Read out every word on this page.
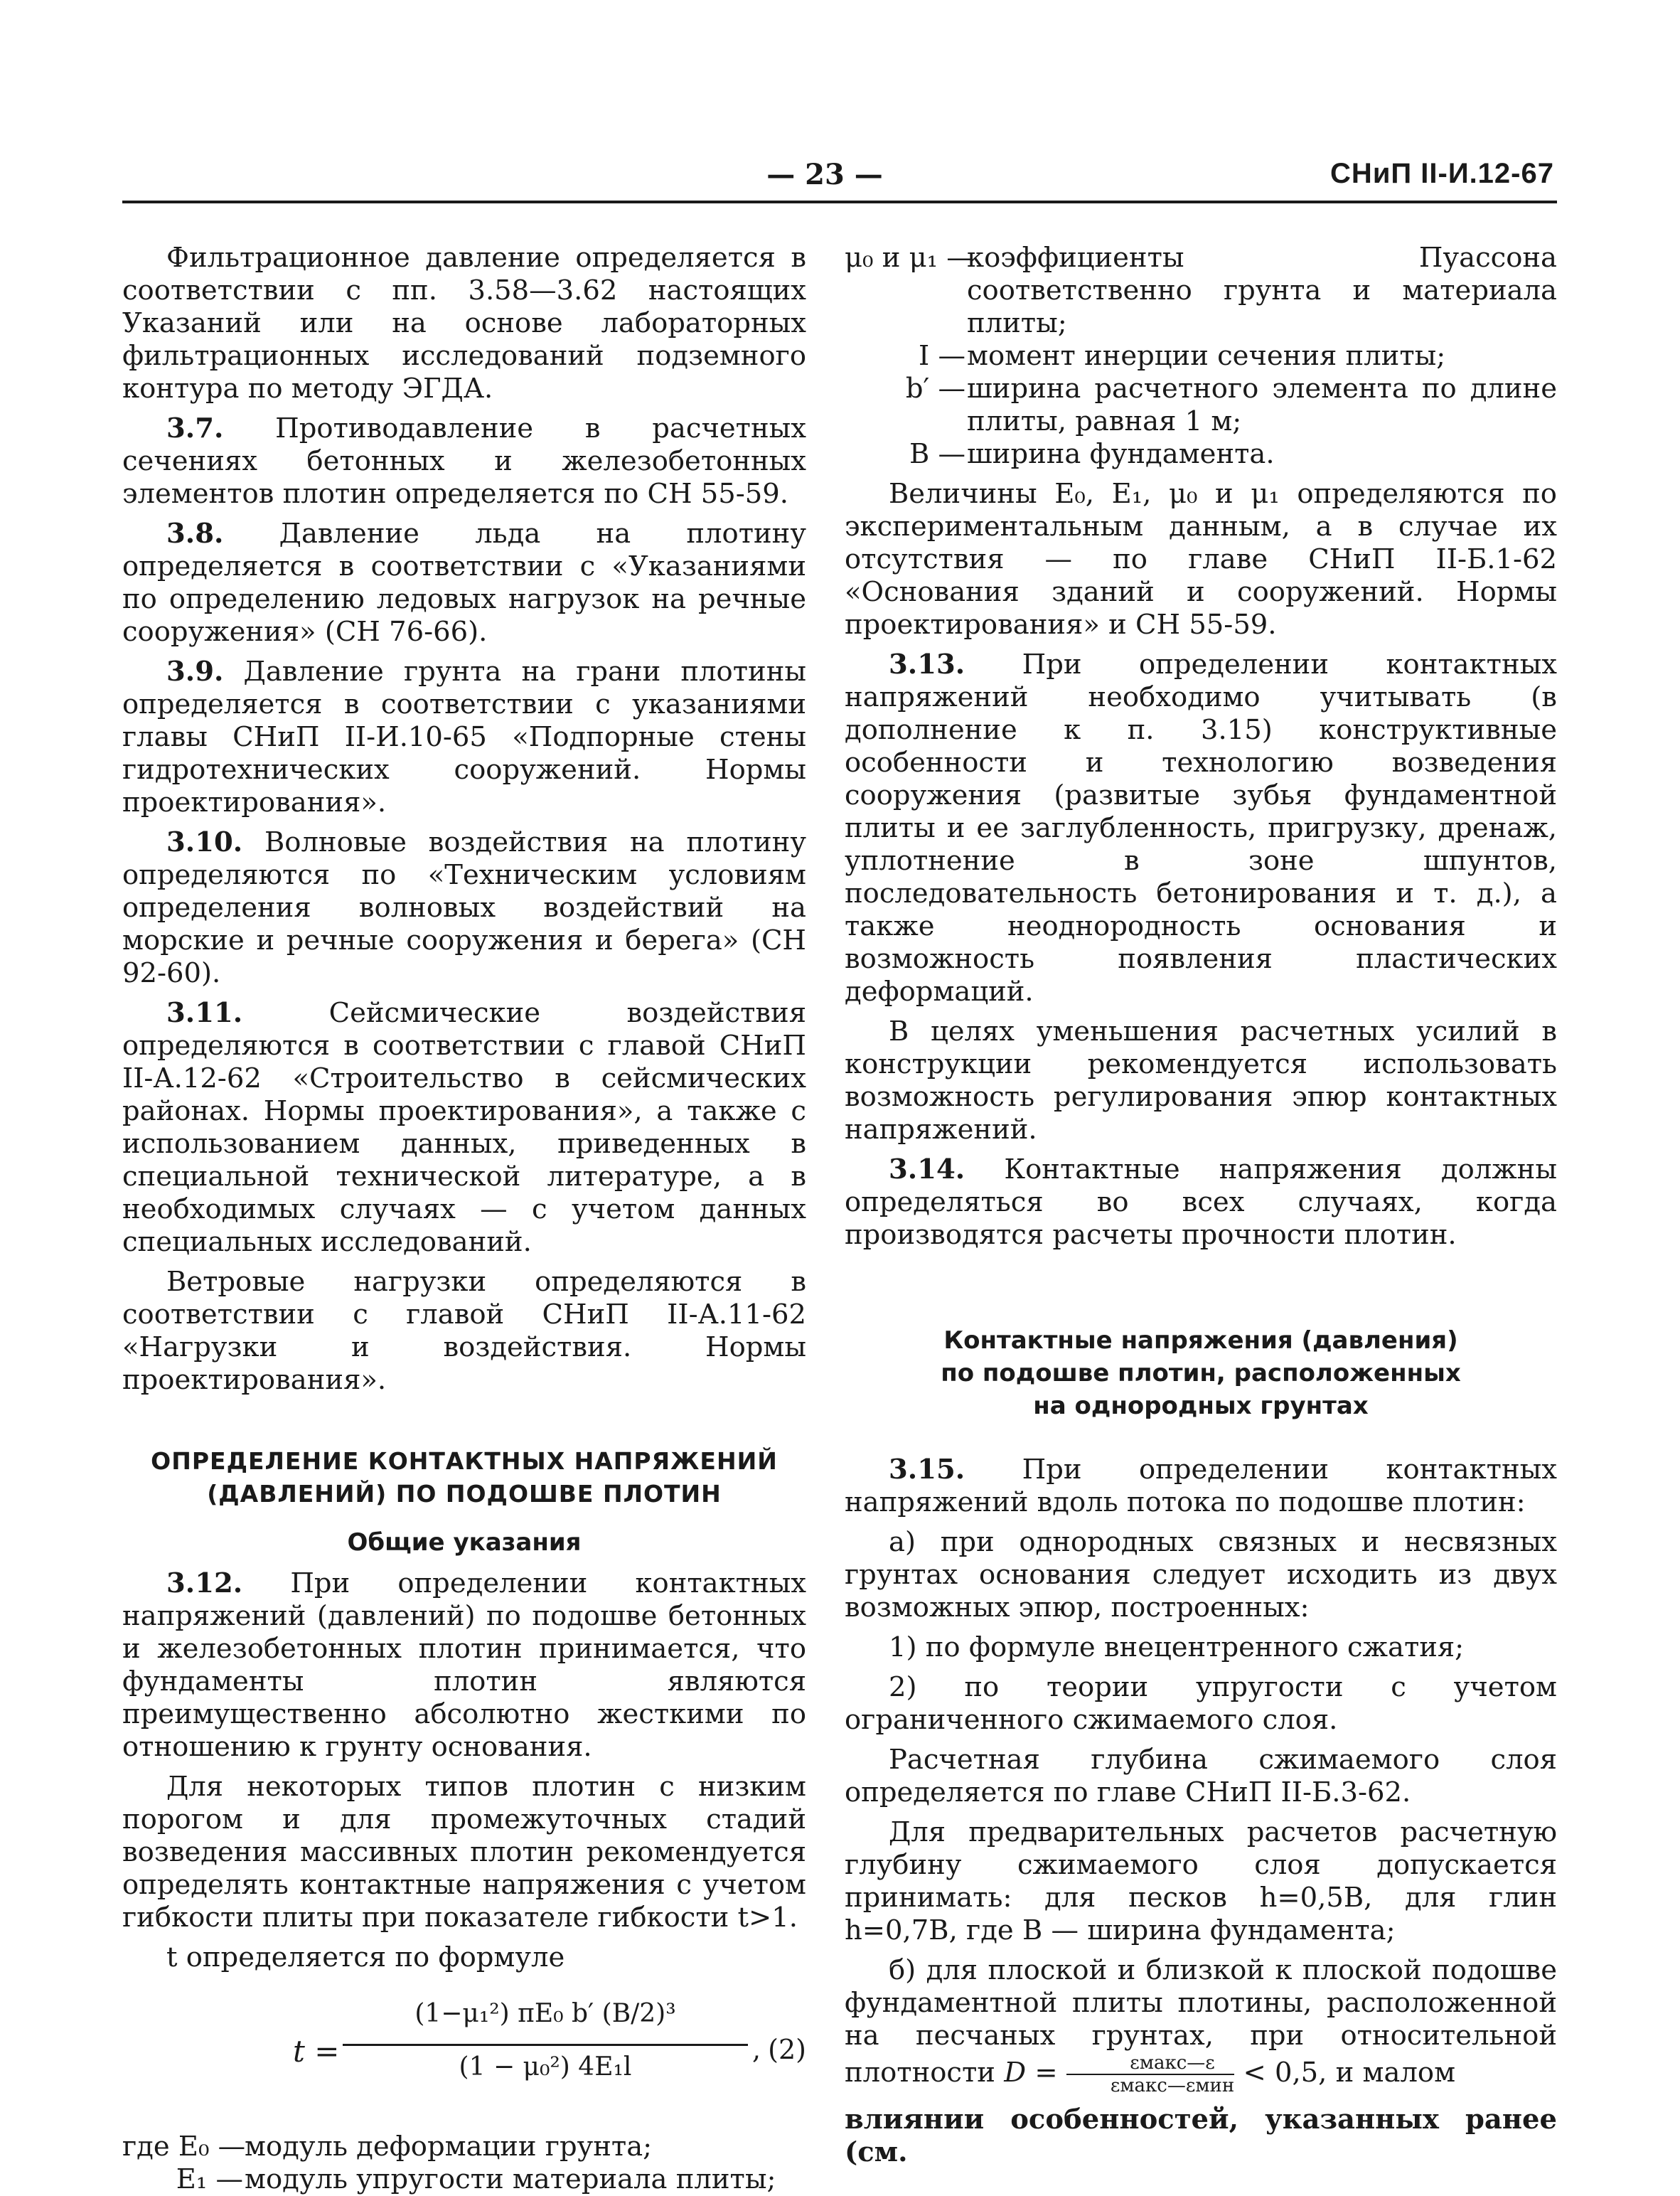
— 23 —	СНиП II-И.12-67

Фильтрационное давление определяется в соответствии с пп. 3.58—3.62 настоящих Указаний или на основе лабораторных фильтрационных исследований подземного контура по методу ЭГДА.

3.7. Противодавление в расчетных сечениях бетонных и железобетонных элементов плотин определяется по СН 55-59.

3.8. Давление льда на плотину определяется в соответствии с «Указаниями по определению ледовых нагрузок на речные сооружения» (СН 76-66).

3.9. Давление грунта на грани плотины определяется в соответствии с указаниями главы СНиП II-И.10-65 «Подпорные стены гидротехнических сооружений. Нормы проектирования».

3.10. Волновые воздействия на плотину определяются по «Техническим условиям определения волновых воздействий на морские и речные сооружения и берега» (СН 92-60).

3.11.	Сейсмические воздействия определяются в соответствии с главой СНиП II-А.12-62 «Строительство в сейсмических районах. Нормы проектирования», а также с использованием данных, приведенных в специальной технической литературе, а в необходимых случаях — с учетом данных специальных исследований.

Ветровые нагрузки определяются в соответствии с главой СНиП II-А.11-62 «Нагрузки и воздействия. Нормы проектирования».

ОПРЕДЕЛЕНИЕ КОНТАКТНЫХ НАПРЯЖЕНИЙ
(ДАВЛЕНИЙ) ПО ПОДОШВЕ ПЛОТИН
Общие указания

3.12. При определении контактных напряжений (давлений) по подошве бетонных и железобетонных плотин принимается, что фундаменты плотин являются преимущественно абсолютно жесткими по отношению к грунту основания.

Для некоторых типов плотин с низким порогом и для промежуточных стадий возведения массивных плотин рекомендуется определять контактные напряжения с учетом гибкости плиты при показателе гибкости t>1.

t определяется по формуле

t =
(1−μ₁²) πE₀ b′ (B/2)³
(1 − μ₀²) 4E₁l
, (2)
где E₀ —
модуль деформации грунта;
E₁ — модуль упругости материала плиты;
μ₀ и μ₁ —
коэффициенты Пуассона соответственно грунта и материала плиты;
I — момент инерции сечения плиты;
b′ — ширина расчетного элемента по длине плиты, равная 1 м;
B — ширина фундамента.

Величины E₀, E₁, μ₀ и μ₁ определяются по экспериментальным данным, а в случае их отсутствия — по главе СНиП II-Б.1-62 «Основания зданий и сооружений. Нормы проектирования» и СН 55-59.

3.13. При определении контактных напряжений необходимо учитывать (в дополнение к п. 3.15) конструктивные особенности и технологию возведения сооружения (развитые зубья фундаментной плиты и ее заглубленность, пригрузку, дренаж, уплотнение в зоне шпунтов, последовательность бетонирования и т. д.), а также неоднородность основания и возможность появления пластических деформаций.

В целях уменьшения расчетных усилий в конструкции рекомендуется использовать возможность регулирования эпюр контактных напряжений.

3.14. Контактные напряжения должны определяться во всех случаях, когда производятся расчеты прочности плотин.

Контактные напряжения (давления)
по подошве плотин, расположенных
на однородных грунтах

3.15. При определении контактных напряжений вдоль потока по подошве плотин:

а) при однородных связных и несвязных грунтах основания следует исходить из двух возможных эпюр, построенных:

1) по формуле внецентренного сжатия;

2) по теории упругости с учетом ограниченного сжимаемого слоя.

Расчетная глубина сжимаемого слоя определяется по главе СНиП II-Б.3-62.

Для предварительных расчетов расчетную глубину сжимаемого слоя допускается принимать: для песков h=0,5B, для глин h=0,7B, где B — ширина фундамента;

б) для плоской и близкой к плоской подошве фундаментной плиты плотины, расположенной на песчаных грунтах, при относительной плотности $D = \frac{\text{εмакс—ε}}{\text{εмакс—εмин}} < 0,5$, и малом

влиянии особенностей, указанных ранее (см.
